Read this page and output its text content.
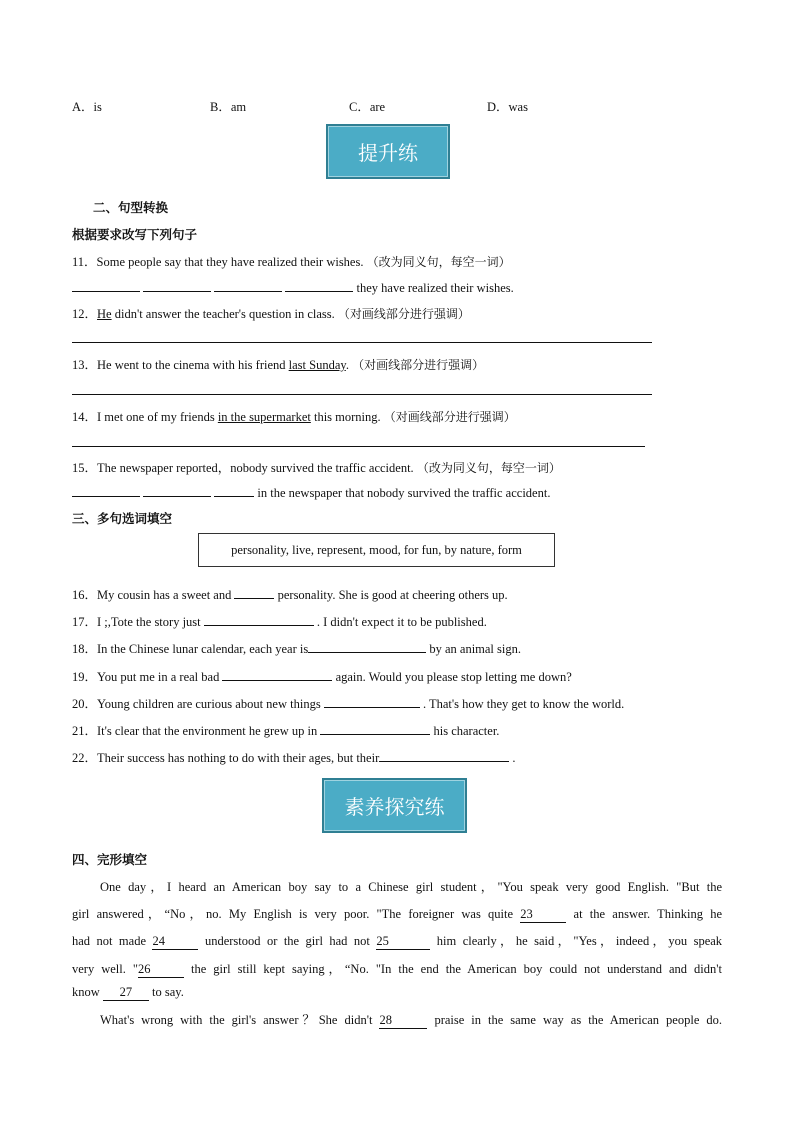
A．is	B．am	C．are	D．was
提升练
二、句型转换
根据要求改写下列句子
11．Some people say that they have realized their wishes. （改为同义句，每空一词）
they have realized their wishes.
12．He didn't answer the teacher's question in class. （对画线部分进行强调）
13．He went to the cinema with his friend last Sunday. （对画线部分进行强调）
14．I met one of my friends in the supermarket this morning. （对画线部分进行强调）
15．The newspaper reported，nobody survived the traffic accident. （改为同义句，每空一词）
in the newspaper that nobody survived the traffic accident.
三、多句选词填空
personality, live, represent, mood, for fun, by nature, form
16．My cousin has a sweet and	personality. She is good at cheering others up.
17．I ;,Tote the story just	. I didn't expect it to be published.
18．In the Chinese lunar calendar, each year is	by an animal sign.
19．You put me in a real bad	again. Would you please stop letting me down?
20．Young children are curious about new things	. That's how they get to know the world.
21．It's clear that the environment he grew up in	his character.
22．Their success has nothing to do with their ages, but their	.
素养探究练
四、完形填空
One day，I heard an American boy say to a Chinese girl student，"You speak very good English. "But the
girl answered，“No，no. My English is very poor. "The foreigner was quite 23	at the answer. Thinking he
had not made 24	understood or the girl had not 25	him clearly，he said，"Yes，indeed，you speak
very well. "26	the girl still kept saying，“No. "In the end the American boy could not understand and didn't
know 27 to say.
What's wrong with the girl's answer？She didn't 28	praise in the same way as the American people do.
